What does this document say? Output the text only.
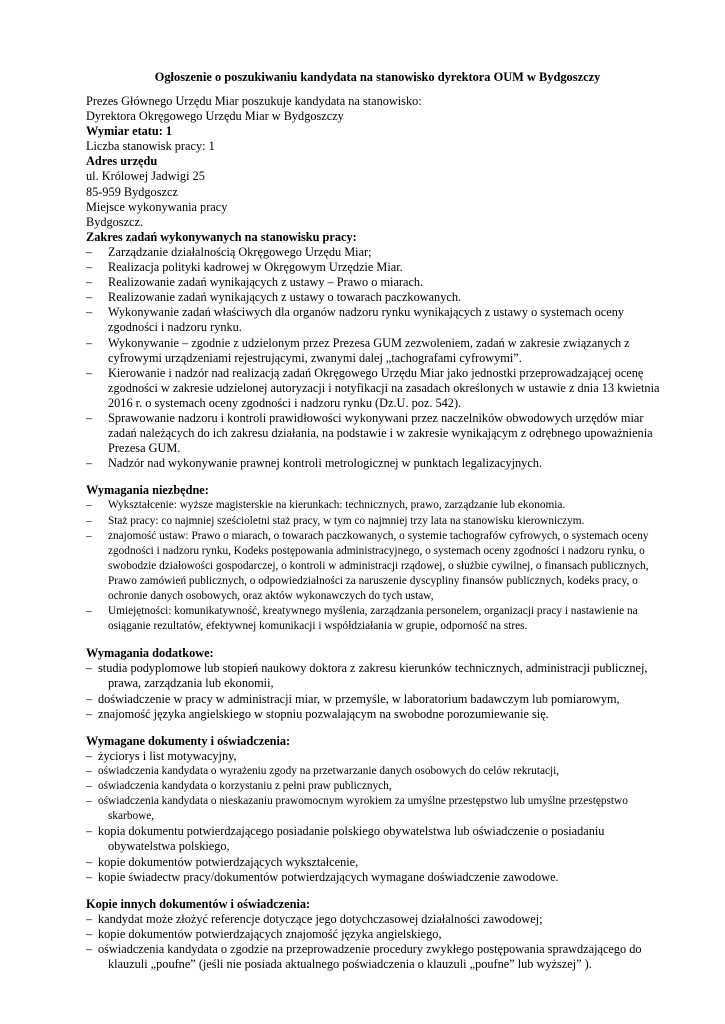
Ogłoszenie o poszukiwaniu kandydata na stanowisko dyrektora OUM w Bydgoszczy

Prezes Głównego Urzędu Miar poszukuje kandydata na stanowisko:

Dyrektora Okręgowego Urzędu Miar w Bydgoszczy

Wymiar etatu: 1

Liczba stanowisk pracy: 1

Adres urzędu

ul. Królowej Jadwigi 25

85-959 Bydgoszcz

Miejsce wykonywania pracy

Bydgoszcz.

Zakres zadań wykonywanych na stanowisku pracy:

– Zarządzanie działalnością Okręgowego Urzędu Miar;
– Realizacja polityki kadrowej w Okręgowym Urzędzie Miar.
– Realizowanie zadań wynikających z ustawy – Prawo o miarach.
– Realizowanie zadań wynikających z ustawy o towarach paczkowanych.
– Wykonywanie zadań właściwych dla organów nadzoru rynku wynikających z ustawy o systemach oceny zgodności i nadzoru rynku.
– Wykonywanie – zgodnie z udzielonym przez Prezesa GUM zezwoleniem, zadań w zakresie związanych z cyfrowymi urządzeniami rejestrującymi, zwanymi dalej „tachografami cyfrowymi”.
– Kierowanie i nadzór nad realizacją zadań Okręgowego Urzędu Miar jako jednostki przeprowadzającej ocenę zgodności w zakresie udzielonej autoryzacji i notyfikacji na zasadach określonych w ustawie z dnia 13 kwietnia 2016 r. o systemach oceny zgodności i nadzoru rynku (Dz.U. poz. 542).
– Sprawowanie nadzoru i kontroli prawidłowości wykonywani przez naczelników obwodowych urzędów miar zadań należących do ich zakresu działania, na podstawie i w zakresie wynikającym z odrębnego upoważnienia Prezesa GUM.
– Nadzór nad wykonywanie prawnej kontroli metrologicznej w punktach legalizacyjnych.

Wymagania niezbędne:

– Wykształcenie: wyższe magisterskie na kierunkach: technicznych, prawo, zarządzanie lub ekonomia.
– Staż pracy: co najmniej sześcioletni staż pracy, w tym co najmniej trzy lata na stanowisku kierowniczym.
– znajomość ustaw: Prawo o miarach, o towarach paczkowanych, o systemie tachografów cyfrowych, o systemach oceny zgodności i nadzoru rynku, Kodeks postępowania administracyjnego, o systemach oceny zgodności i nadzoru rynku, o swobodzie działowości gospodarczej, o kontroli w administracji rządowej, o służbie cywilnej, o finansach publicznych, Prawo zamówień publicznych, o odpowiedzialności za naruszenie dyscypliny finansów publicznych, kodeks pracy, o ochronie danych osobowych, oraz aktów wykonawczych do tych ustaw,
– Umiejętności: komunikatywność, kreatywnego myślenia, zarządzania personelem, organizacji pracy i nastawienie na osiąganie rezultatów, efektywnej komunikacji i współdziałania w grupie, odporność na stres.

Wymagania dodatkowe:

– studia podyplomowe lub stopień naukowy doktora z zakresu kierunków technicznych, administracji publicznej, prawa, zarządzania lub ekonomii,
– doświadczenie w pracy w administracji miar, w przemyśle, w laboratorium badawczym lub pomiarowym,
– znajomość języka angielskiego w stopniu pozwalającym na swobodne porozumiewanie się.

Wymagane dokumenty i oświadczenia:

– życiorys i list motywacyjny,
– oświadczenia kandydata o wyrażeniu zgody na przetwarzanie danych osobowych do celów rekrutacji,
– oświadczenia kandydata o korzystaniu z pełni praw publicznych,
– oświadczenia kandydata o nieskazaniu prawomocnym wyrokiem za umyślne przestępstwo lub umyślne przestępstwo skarbowe,
– kopia dokumentu potwierdzającego posiadanie polskiego obywatelstwa lub oświadczenie o posiadaniu obywatelstwa polskiego,
– kopie dokumentów potwierdzających wykształcenie,
– kopie świadectw pracy/dokumentów potwierdzających wymagane doświadczenie zawodowe.

Kopie innych dokumentów i oświadczenia:

– kandydat może złożyć referencje dotyczące jego dotychczasowej działalności zawodowej;
– kopie dokumentów potwierdzających znajomość języka angielskiego,
– oświadczenia kandydata o zgodzie na przeprowadzenie procedury zwykłego postępowania sprawdzającego do klauzuli „poufne” (jeśli nie posiada aktualnego poświadczenia o klauzuli „poufne” lub wyższej” ).
